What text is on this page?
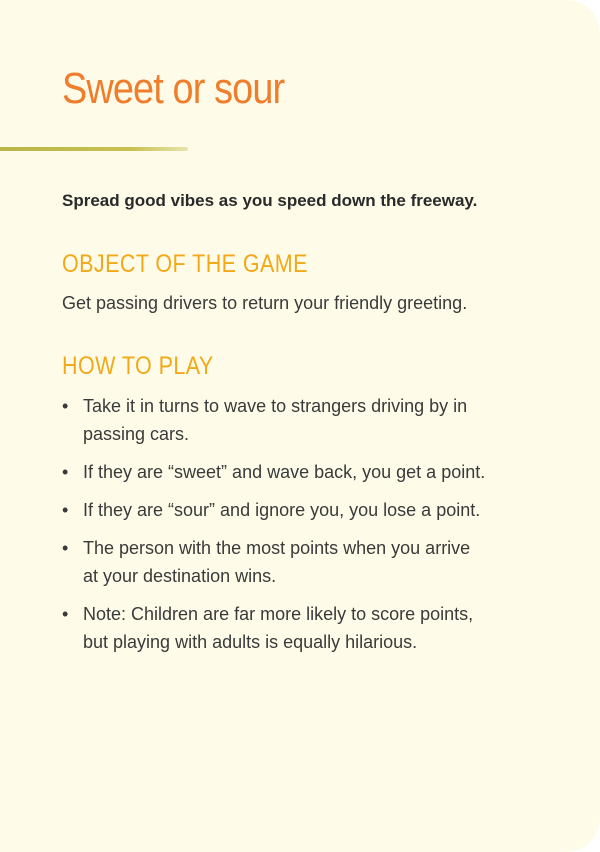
Sweet or sour

Spread good vibes as you speed down the freeway.

OBJECT OF THE GAME

Get passing drivers to return your friendly greeting.

HOW TO PLAY
• Take it in turns to wave to strangers driving by in
passing cars.
• If they are “sweet” and wave back, you get a point.
• If they are “sour” and ignore you, you lose a point.
• The person with the most points when you arrive
at your destination wins.
• Note: Children are far more likely to score points,
but playing with adults is equally hilarious.
